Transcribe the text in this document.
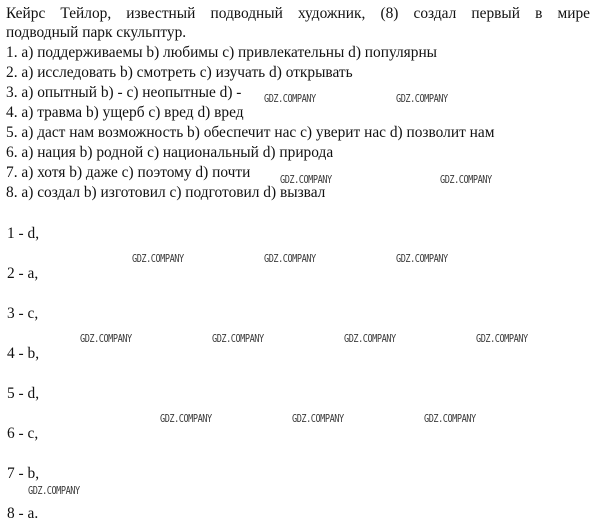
Кейрс Тейлор, известный подводный художник, (8) создал первый в мире
подводный парк скульптур.
1. a) поддерживаемы b) любимы c) привлекательны d) популярны
2. a) исследовать b) смотреть c) изучать d) открывать
3. a) опытный b) - c) неопытные d) -
4. a) травма b) ущерб c) вред d) вред
5. a) даст нам возможность b) обеспечит нас c) уверит нас d) позволит нам
6. a) нация b) родной c) национальный d) природа
7. a) хотя b) даже c) поэтому d) почти
8. a) создал b) изготовил c) подготовил d) вызвал
1 - d,
2 - a,
3 - c,
4 - b,
5 - d,
6 - c,
7 - b,
8 - a.
GDZ.COMPANY	GDZ.COMPANY
GDZ.COMPANY	GDZ.COMPANY
GDZ.COMPANY	GDZ.COMPANY	GDZ.COMPANY
GDZ.COMPANY	GDZ.COMPANY	GDZ.COMPANY	GDZ.COMPANY
GDZ.COMPANY	GDZ.COMPANY	GDZ.COMPANY
GDZ.COMPANY
